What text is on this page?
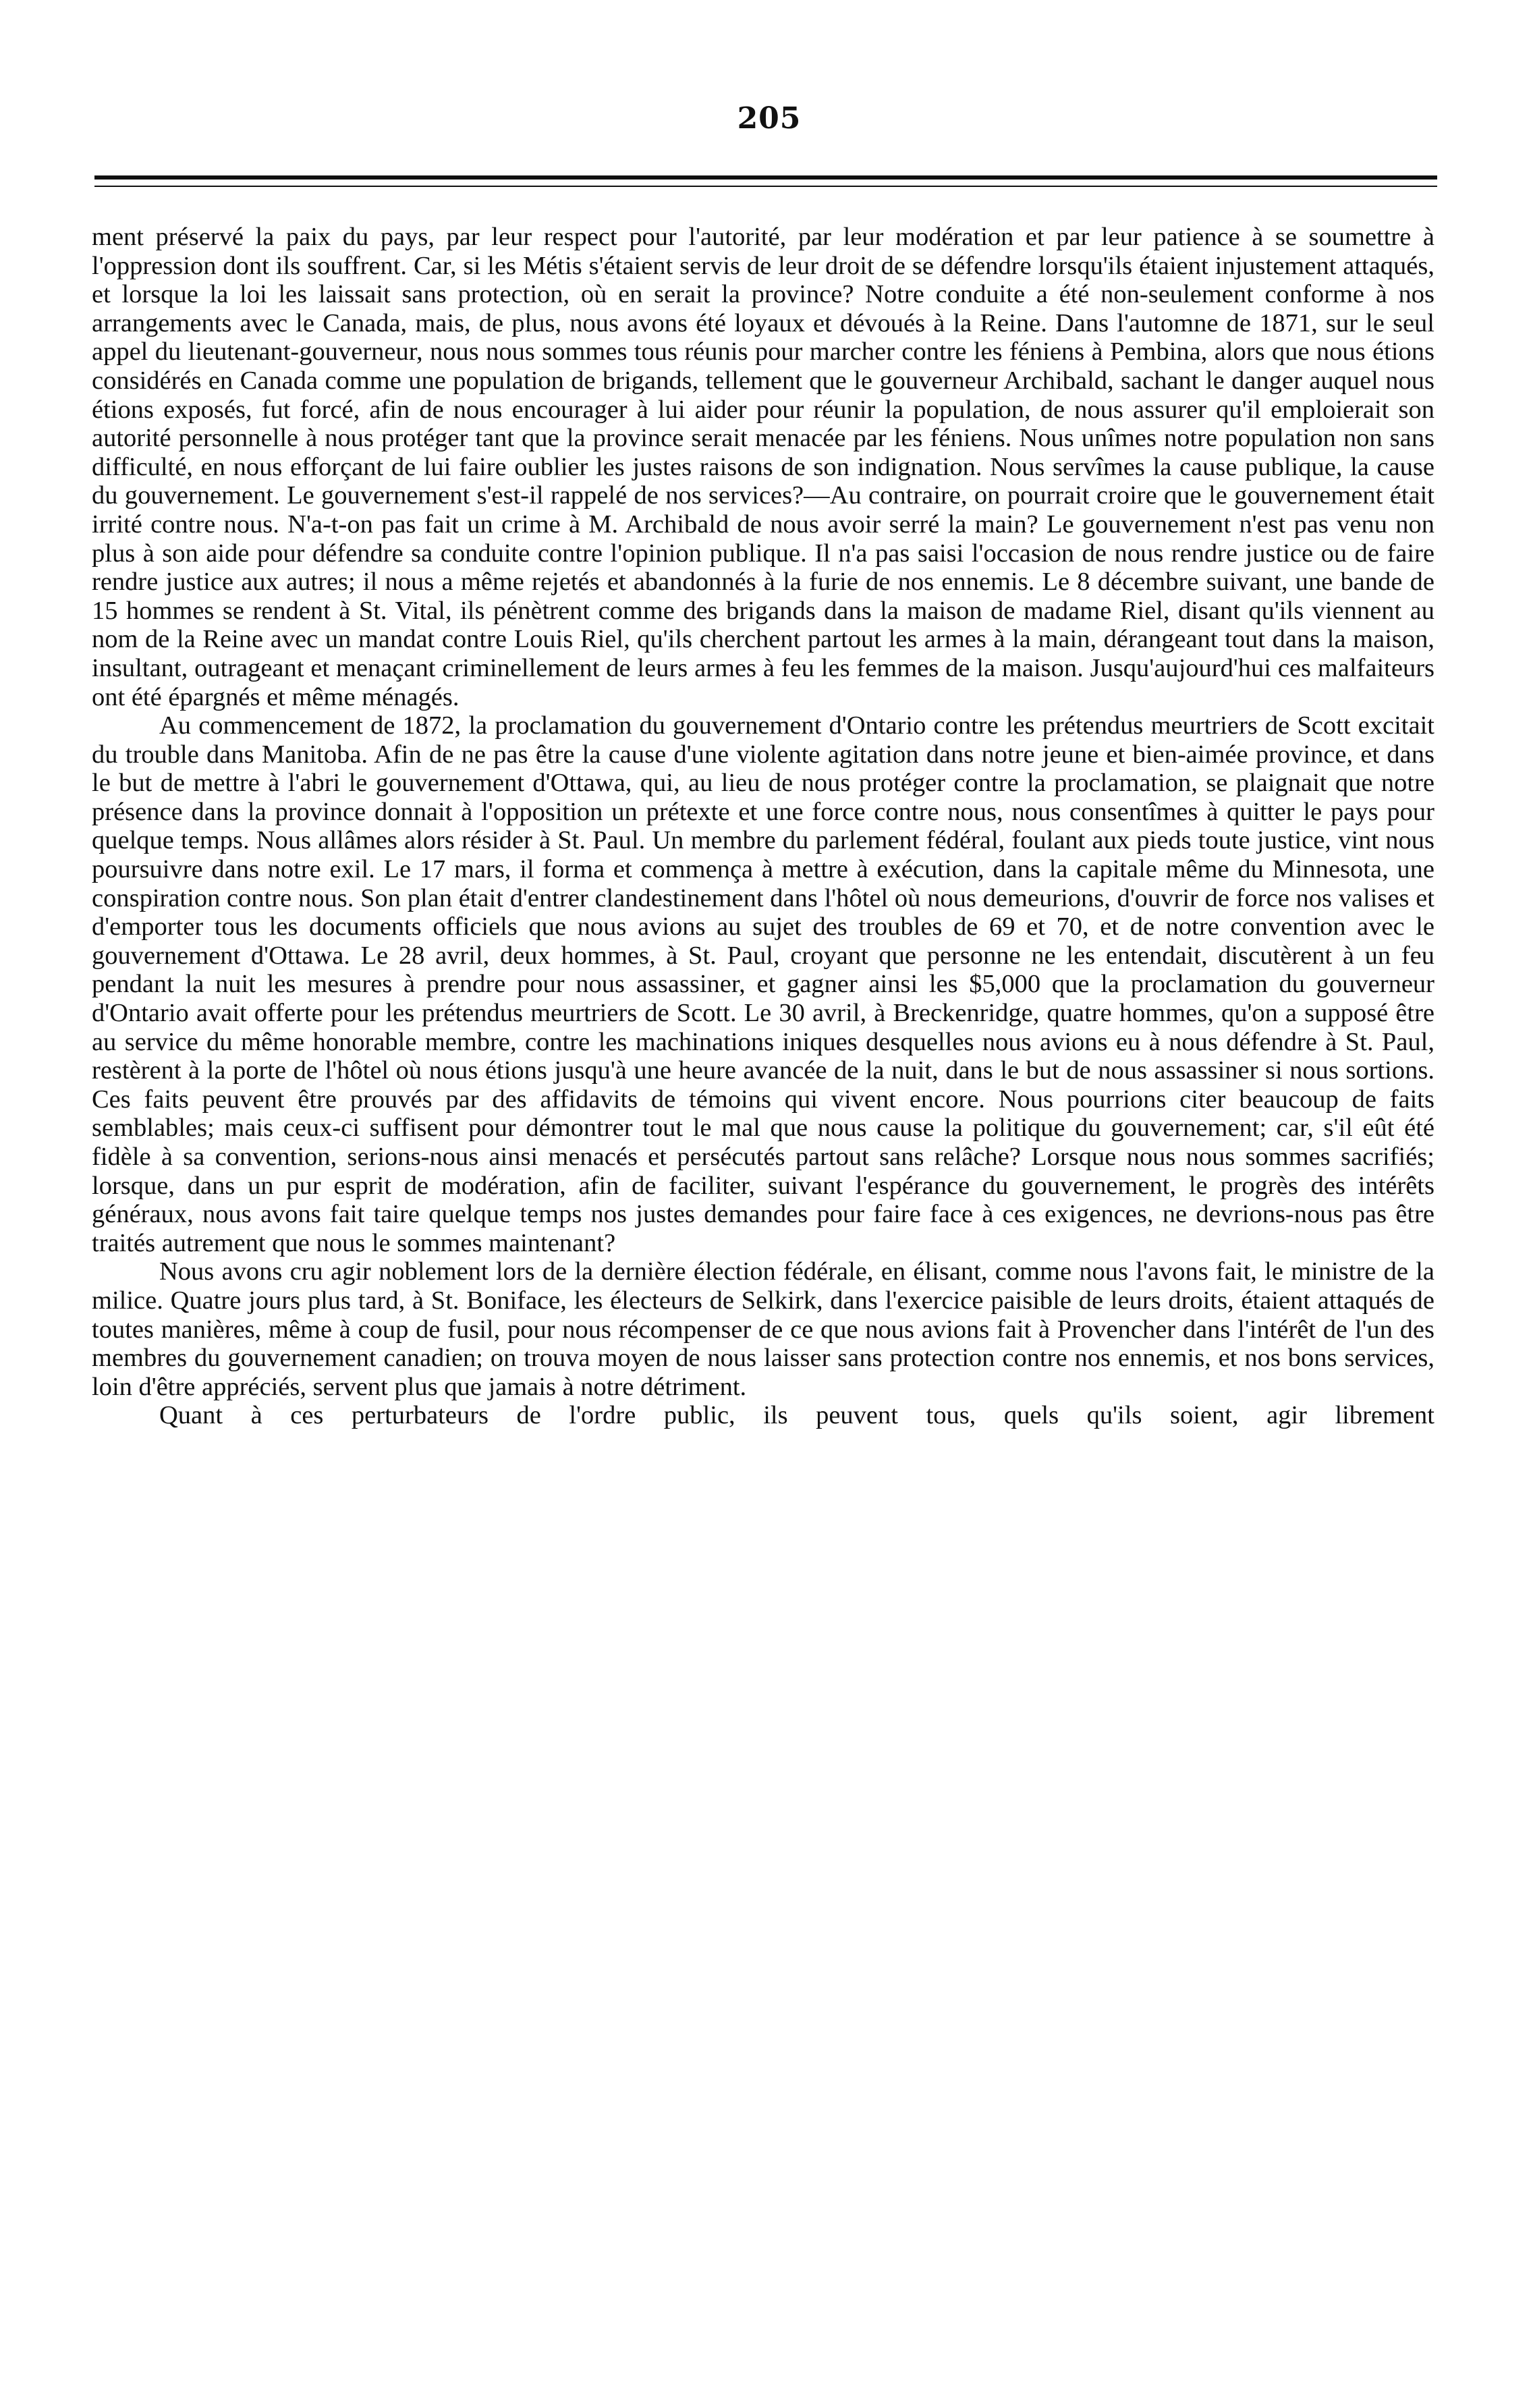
205

ment préservé la paix du pays, par leur respect pour l'autorité, par leur modération et par leur patience à se soumettre à l'oppression dont ils souffrent. Car, si les Métis s'étaient servis de leur droit de se défendre lorsqu'ils étaient injustement attaqués, et lorsque la loi les laissait sans protection, où en serait la province? Notre conduite a été non-seulement conforme à nos arrangements avec le Canada, mais, de plus, nous avons été loyaux et dévoués à la Reine. Dans l'automne de 1871, sur le seul appel du lieutenant-gouverneur, nous nous sommes tous réunis pour marcher contre les féniens à Pembina, alors que nous étions considérés en Canada comme une population de brigands, tellement que le gouverneur Archibald, sachant le danger auquel nous étions exposés, fut forcé, afin de nous encourager à lui aider pour réunir la population, de nous assurer qu'il emploierait son autorité personnelle à nous protéger tant que la province serait menacée par les féniens. Nous unîmes notre population non sans difficulté, en nous efforçant de lui faire oublier les justes raisons de son indignation. Nous servîmes la cause publique, la cause du gouvernement. Le gouvernement s'est-il rappelé de nos services?—Au contraire, on pourrait croire que le gouvernement était irrité contre nous. N'a-t-on pas fait un crime à M. Archibald de nous avoir serré la main? Le gouvernement n'est pas venu non plus à son aide pour défendre sa conduite contre l'opinion publique. Il n'a pas saisi l'occasion de nous rendre justice ou de faire rendre justice aux autres; il nous a même rejetés et abandonnés à la furie de nos ennemis. Le 8 décembre suivant, une bande de 15 hommes se rendent à St. Vital, ils pénètrent comme des brigands dans la maison de madame Riel, disant qu'ils viennent au nom de la Reine avec un mandat contre Louis Riel, qu'ils cherchent partout les armes à la main, dérangeant tout dans la maison, insultant, outrageant et menaçant criminellement de leurs armes à feu les femmes de la maison. Jusqu'aujourd'hui ces malfaiteurs ont été épargnés et même ménagés.

Au commencement de 1872, la proclamation du gouvernement d'Ontario contre les prétendus meurtriers de Scott excitait du trouble dans Manitoba. Afin de ne pas être la cause d'une violente agitation dans notre jeune et bien-aimée province, et dans le but de mettre à l'abri le gouvernement d'Ottawa, qui, au lieu de nous protéger contre la proclamation, se plaignait que notre présence dans la province donnait à l'opposition un prétexte et une force contre nous, nous consentîmes à quitter le pays pour quelque temps. Nous allâmes alors résider à St. Paul. Un membre du parlement fédéral, foulant aux pieds toute justice, vint nous poursuivre dans notre exil. Le 17 mars, il forma et commença à mettre à exécution, dans la capitale même du Minnesota, une conspiration contre nous. Son plan était d'entrer clandestinement dans l'hôtel où nous demeurions, d'ouvrir de force nos valises et d'emporter tous les documents officiels que nous avions au sujet des troubles de 69 et 70, et de notre convention avec le gouvernement d'Ottawa. Le 28 avril, deux hommes, à St. Paul, croyant que personne ne les entendait, discutèrent à un feu pendant la nuit les mesures à prendre pour nous assassiner, et gagner ainsi les $5,000 que la proclamation du gouverneur d'Ontario avait offerte pour les prétendus meurtriers de Scott. Le 30 avril, à Breckenridge, quatre hommes, qu'on a supposé être au service du même honorable membre, contre les machinations iniques desquelles nous avions eu à nous défendre à St. Paul, restèrent à la porte de l'hôtel où nous étions jusqu'à une heure avancée de la nuit, dans le but de nous assassiner si nous sortions. Ces faits peuvent être prouvés par des affidavits de témoins qui vivent encore. Nous pourrions citer beaucoup de faits semblables; mais ceux-ci suffisent pour démontrer tout le mal que nous cause la politique du gouvernement; car, s'il eût été fidèle à sa convention, serions-nous ainsi menacés et persécutés partout sans relâche? Lorsque nous nous sommes sacrifiés; lorsque, dans un pur esprit de modération, afin de faciliter, suivant l'espérance du gouvernement, le progrès des intérêts généraux, nous avons fait taire quelque temps nos justes demandes pour faire face à ces exigences, ne devrions-nous pas être traités autrement que nous le sommes maintenant?

Nous avons cru agir noblement lors de la dernière élection fédérale, en élisant, comme nous l'avons fait, le ministre de la milice. Quatre jours plus tard, à St. Boniface, les électeurs de Selkirk, dans l'exercice paisible de leurs droits, étaient attaqués de toutes manières, même à coup de fusil, pour nous récompenser de ce que nous avions fait à Provencher dans l'intérêt de l'un des membres du gouvernement canadien; on trouva moyen de nous laisser sans protection contre nos ennemis, et nos bons services, loin d'être appréciés, servent plus que jamais à notre détriment.

Quant à ces perturbateurs de l'ordre public, ils peuvent tous, quels qu'ils soient, agir librement
